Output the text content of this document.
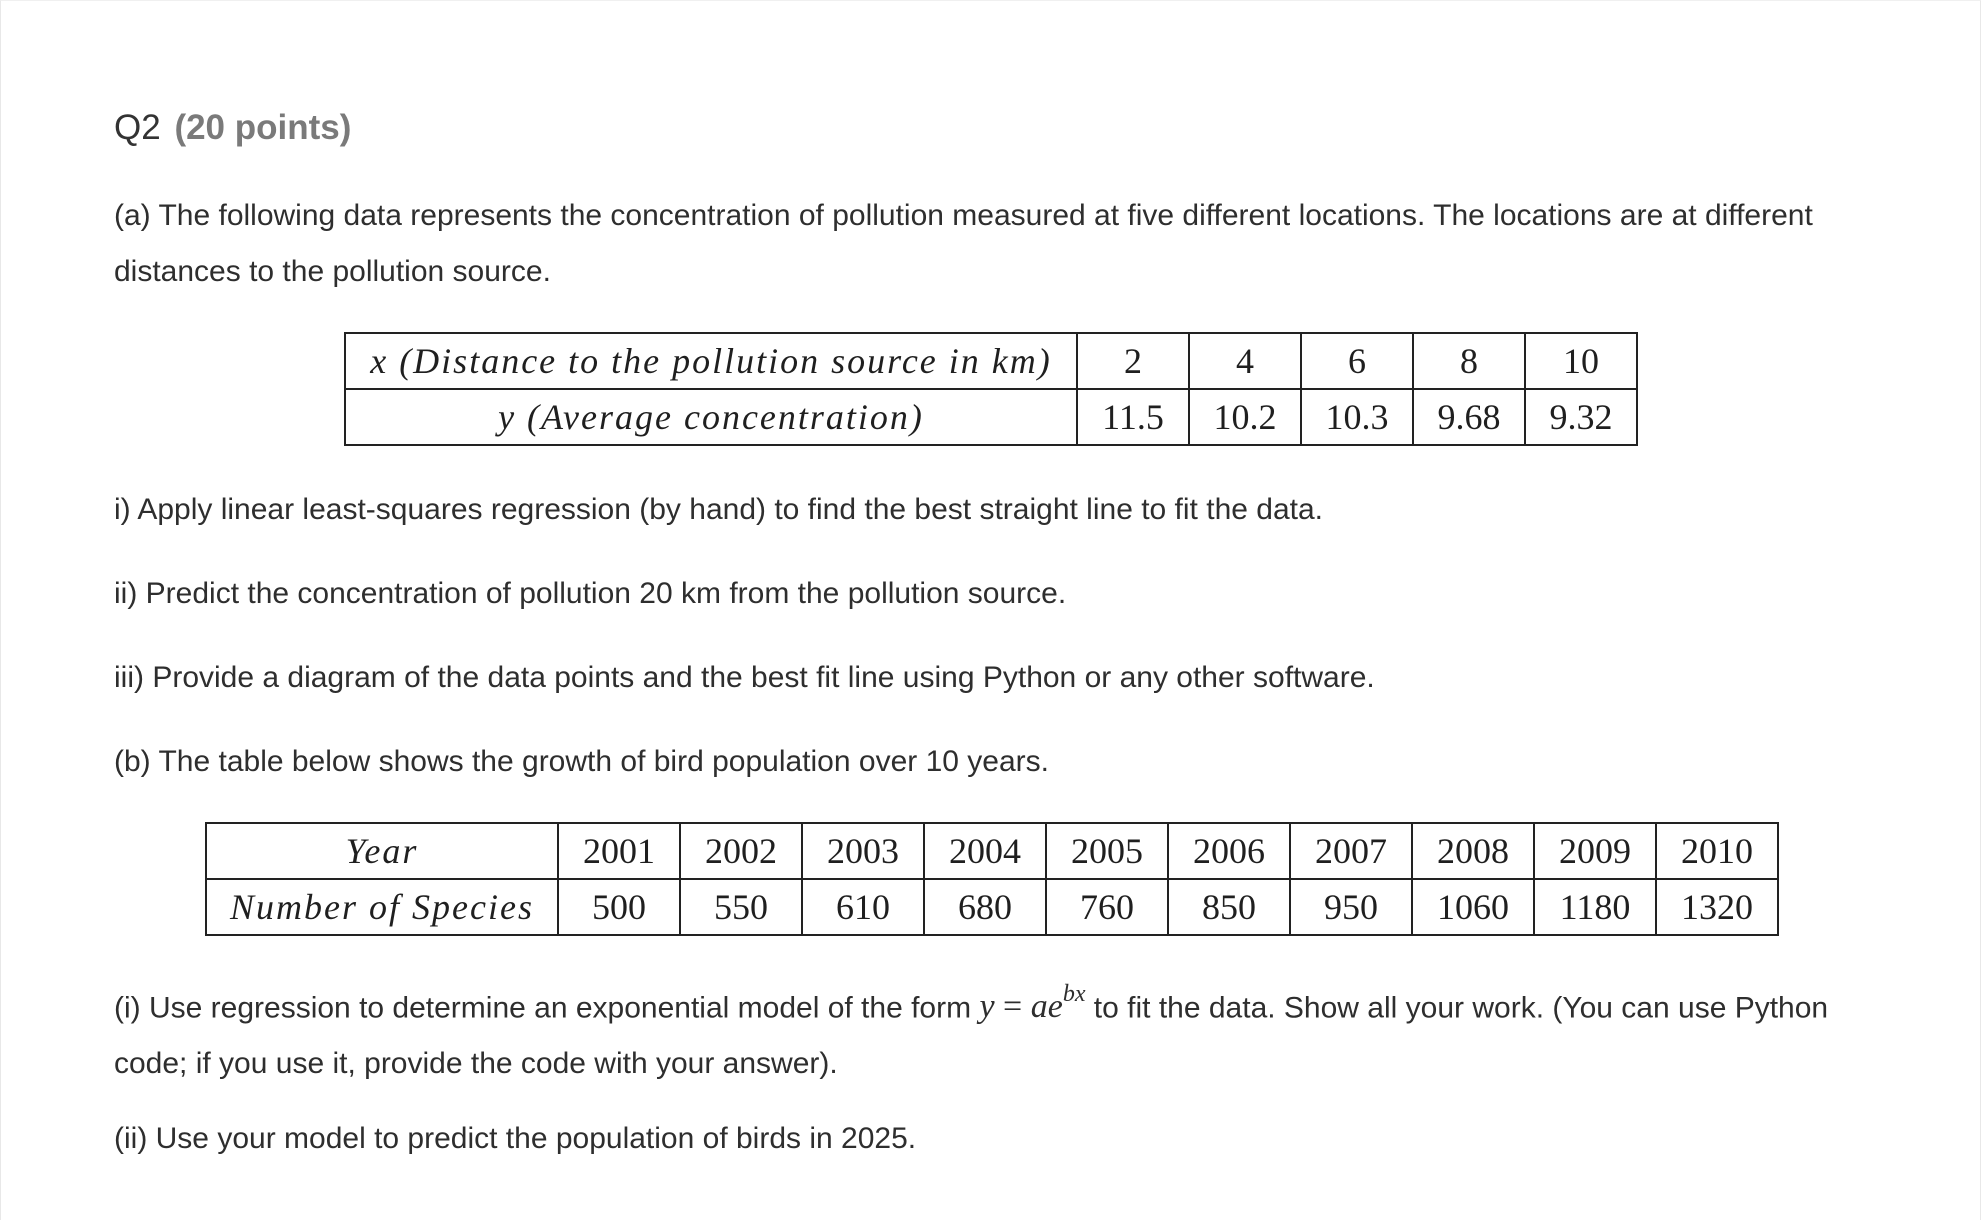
Q2 (20 points)
(a) The following data represents the concentration of pollution measured at five different locations. The locations are at different distances to the pollution source.
i) Apply linear least-squares regression (by hand) to find the best straight line to fit the data.
ii) Predict the concentration of pollution 20 km from the pollution source.
iii) Provide a diagram of the data points and the best fit line using Python or any other software.
(b) The table below shows the growth of bird population over 10 years.
(i) Use regression to determine an exponential model of the form $y = ae^{bx}$ to fit the data. Show all your work. (You can use Python code; if you use it, provide the code with your answer).
(ii) Use your model to predict the population of birds in 2025.
x (Distance to the pollution source in km)	2	4	6	8	10
y (Average concentration)	11.5	10.2	10.3	9.68	9.32
Year	2001	2002	2003	2004	2005	2006	2007	2008	2009	2010
Number of Species	500	550	610	680	760	850	950	1060	1180	1320
